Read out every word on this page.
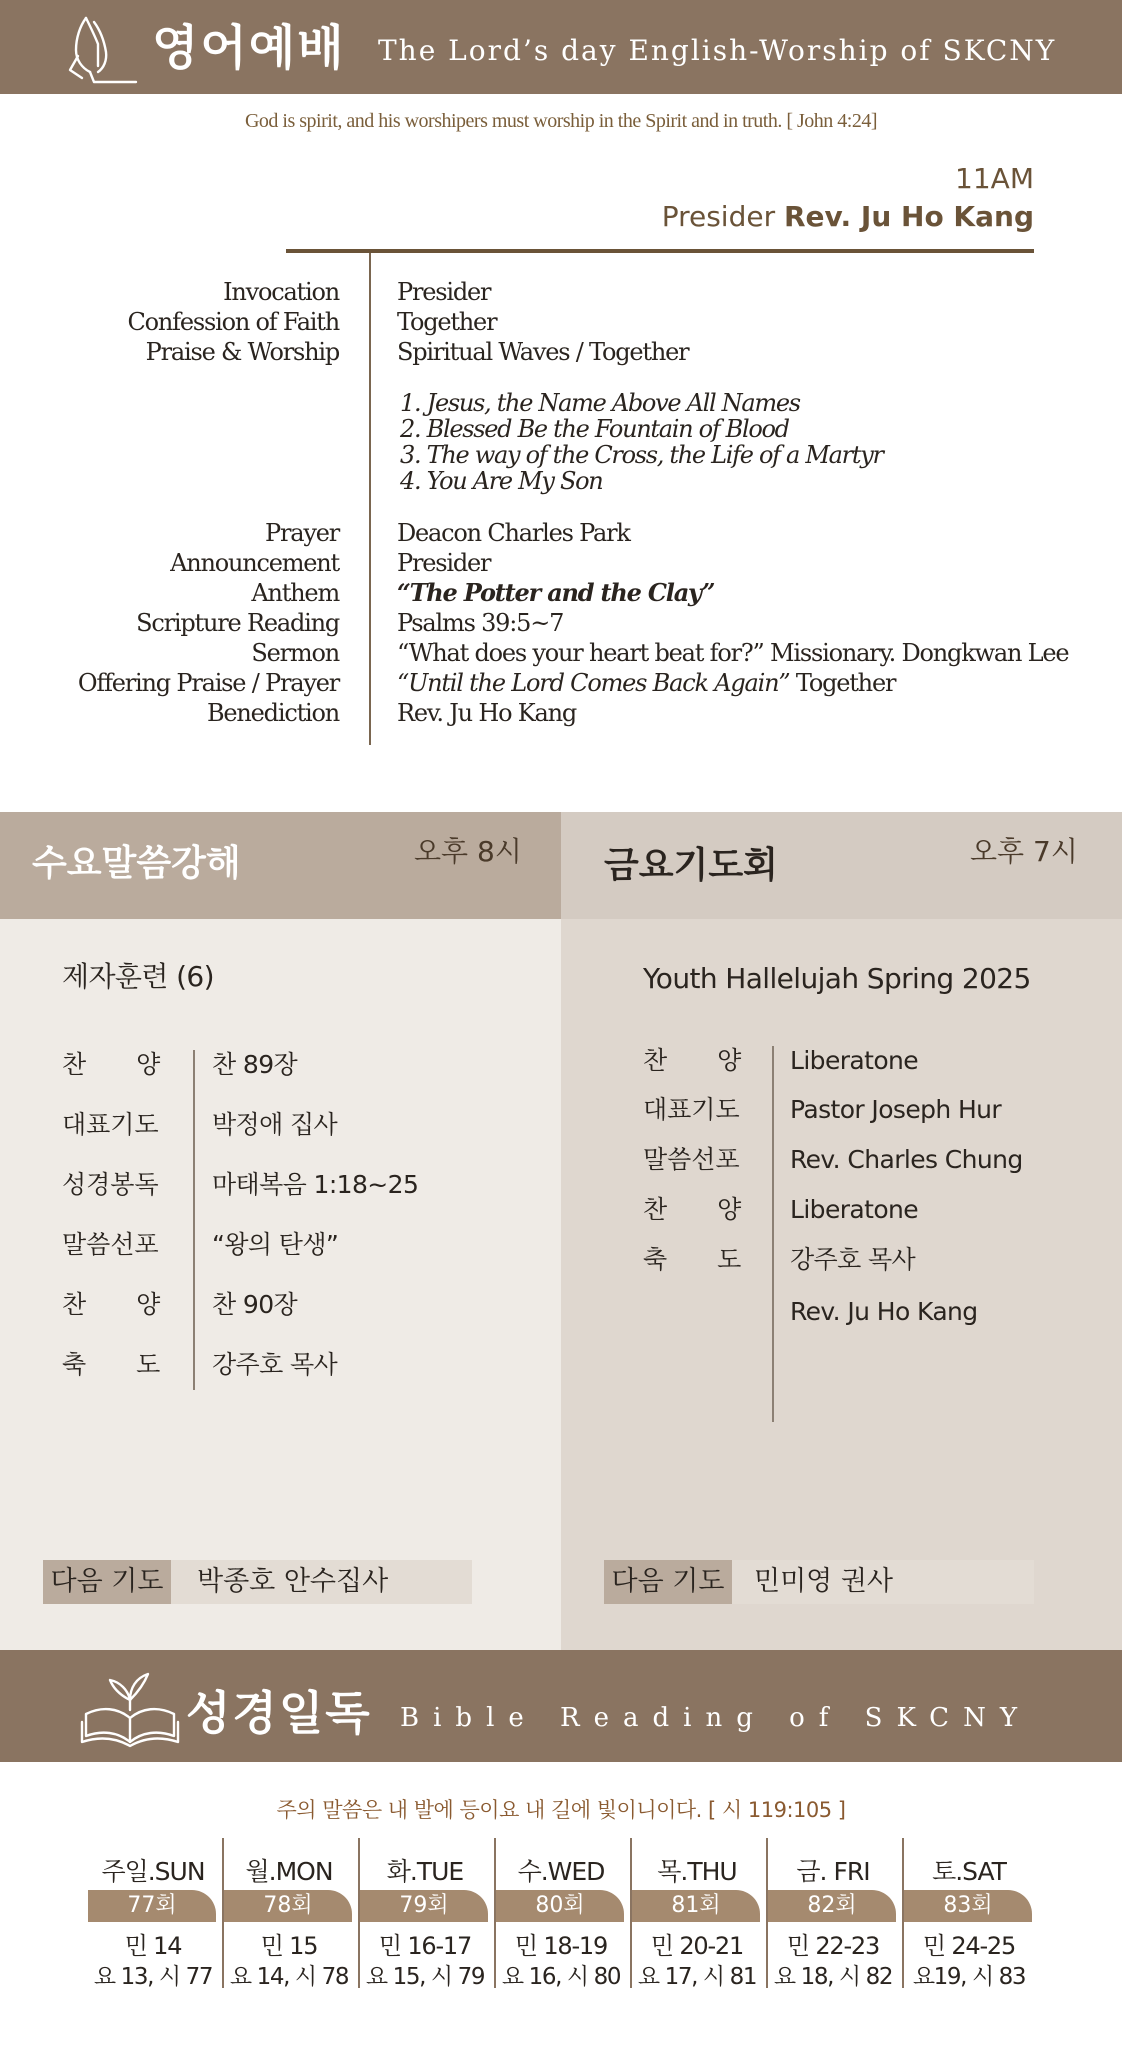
영어예배 The Lord’s day English-Worship of SKCNY
God is spirit, and his worshipers must worship in the Spirit and in truth. [ John 4:24]
11AM
Presider Rev. Ju Ho Kang
Invocation Presider
Confession of Faith Together
Praise & Worship Spiritual Waves / Together
1. Jesus, the Name Above All Names
2. Blessed Be the Fountain of Blood
3. The way of the Cross, the Life of a Martyr
4. You Are My Son
Prayer Deacon Charles Park
Announcement Presider
Anthem “The Potter and the Clay”
Scripture Reading Psalms 39:5~7
Sermon “What does your heart beat for?” Missionary. Dongkwan Lee
Offering Praise / Prayer “Until the Lord Comes Back Again” Together
Benediction Rev. Ju Ho Kang
수요말씀강해	오후 8시 금요기도회	오후 7시
제자훈련 (6)
찬　　양 찬 89장
대표기도 박정애 집사
성경봉독 마태복음 1:18~25
말씀선포 “왕의 탄생”
찬　　양 찬 90장
축　　도 강주호 목사
다음 기도 박종호 안수집사
Youth Hallelujah Spring 2025
찬　　양 Liberatone
대표기도 Pastor Joseph Hur
말씀선포 Rev. Charles Chung
찬　　양 Liberatone
축　　도 강주호 목사
Rev. Ju Ho Kang
다음 기도 민미영 권사
성경일독 Bible Reading of SKCNY
주의 말씀은 내 발에 등이요 내 길에 빛이니이다. [ 시 119:105 ]
주일.SUN
77회
민 14
요 13, 시 77
월.MON
78회
민 15
요 14, 시 78
화.TUE
79회
민 16-17
요 15, 시 79
수.WED
80회
민 18-19
요 16, 시 80
목.THU
81회
민 20-21
요 17, 시 81
금. FRI
82회
민 22-23
요 18, 시 82
토.SAT
83회
민 24-25
요19, 시 83
